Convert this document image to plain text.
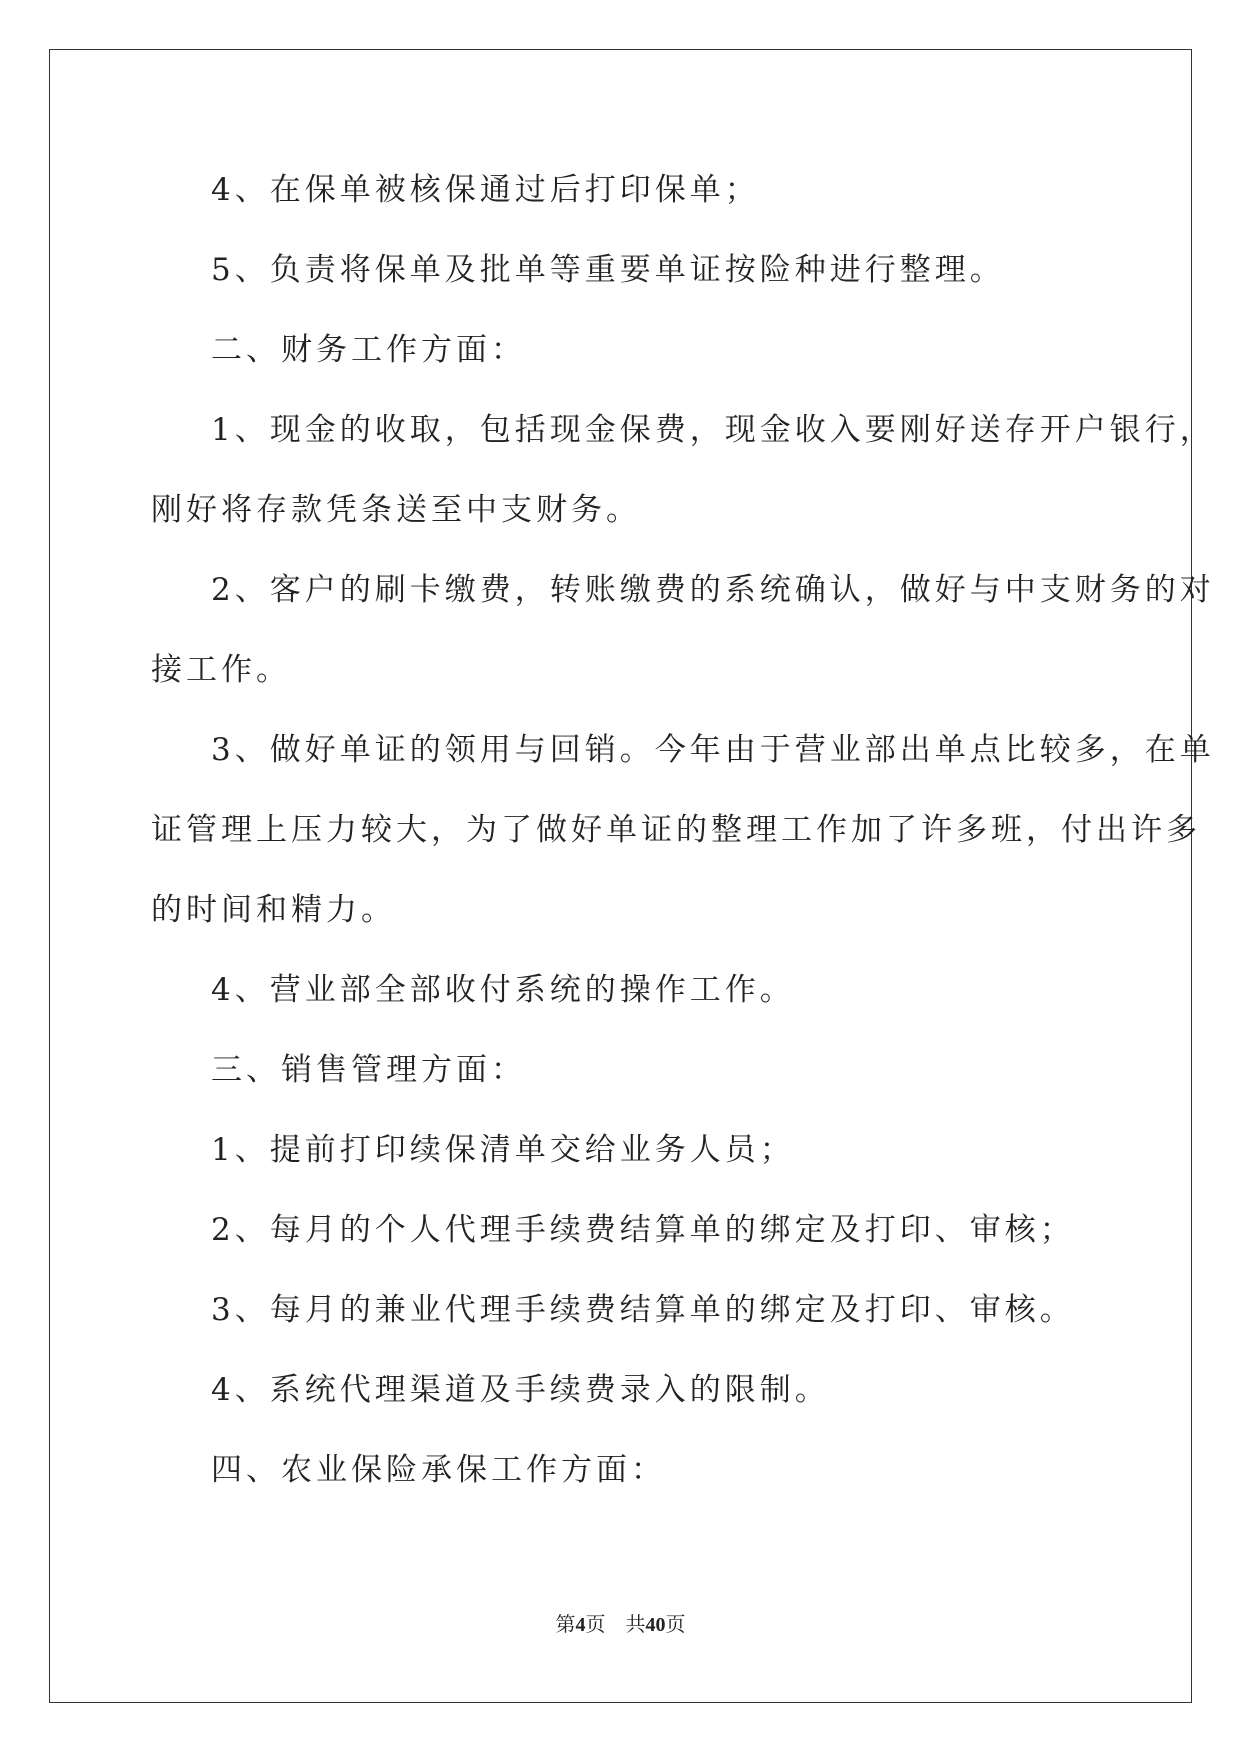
4、在保单被核保通过后打印保单；
5、负责将保单及批单等重要单证按险种进行整理。
二、财务工作方面：
1、现金的收取，包括现金保费，现金收入要刚好送存开户银行，
刚好将存款凭条送至中支财务。
2、客户的刷卡缴费，转账缴费的系统确认，做好与中支财务的对
接工作。
3、做好单证的领用与回销。今年由于营业部出单点比较多，在单
证管理上压力较大，为了做好单证的整理工作加了许多班，付出许多
的时间和精力。
4、营业部全部收付系统的操作工作。
三、销售管理方面：
1、提前打印续保清单交给业务人员；
2、每月的个人代理手续费结算单的绑定及打印、审核；
3、每月的兼业代理手续费结算单的绑定及打印、审核。
4、系统代理渠道及手续费录入的限制。
四、农业保险承保工作方面：
第4页    共40页
